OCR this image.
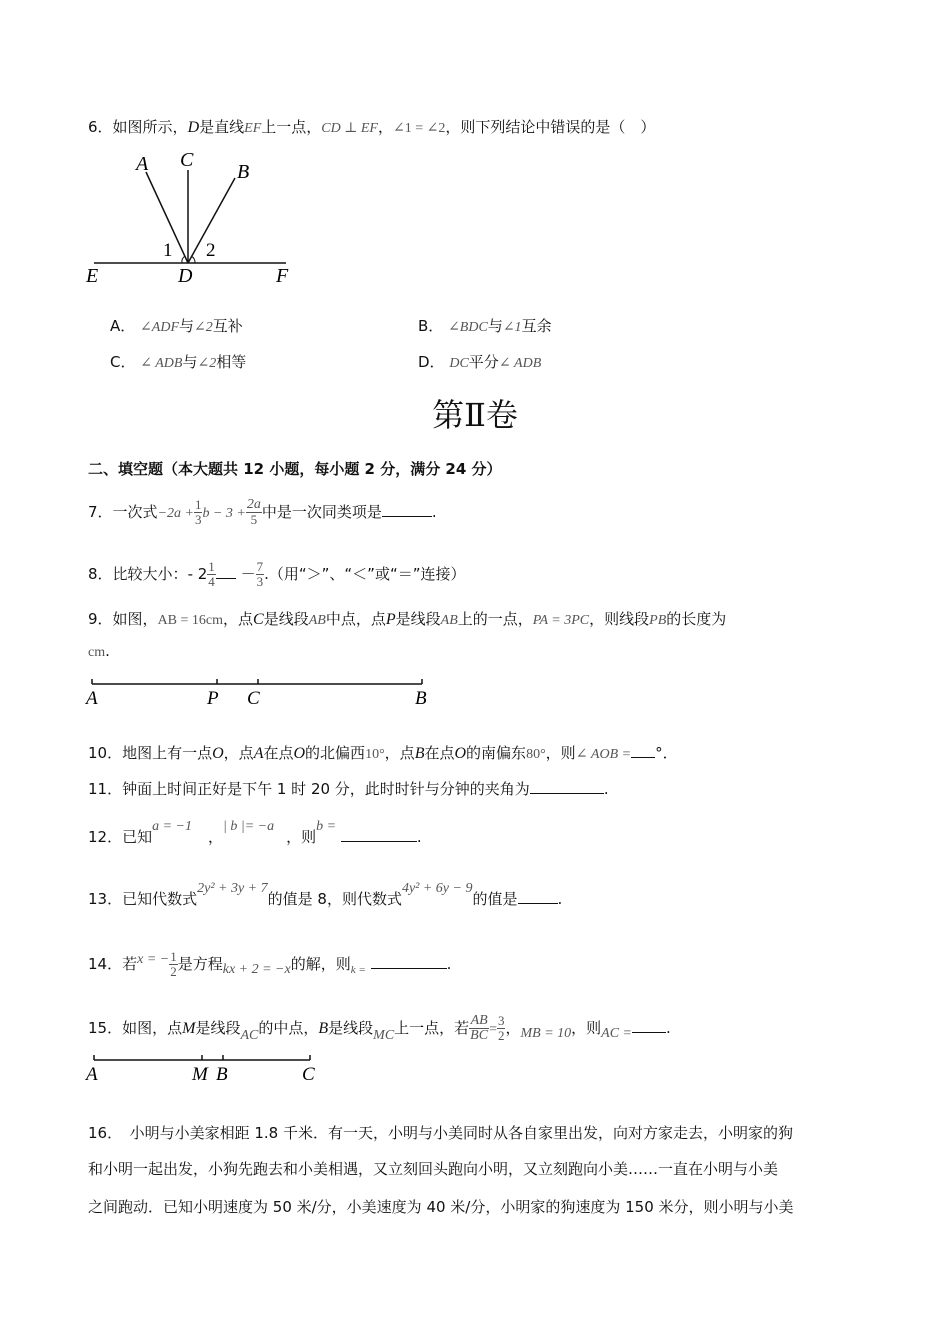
6．如图所示，D是直线EF上一点，CD ⊥ EF，∠1 = ∠2，则下列结论中错误的是（　）
A C
B
1 2
E	D	F
A． ∠ADF与∠2互补	B． ∠BDC与∠1互余
C． ∠ ADB与∠2相等	D． DC平分∠ ADB
第Ⅱ卷
二、填空题（本大题共 12 小题，每小题 2 分，满分 24 分）
7．一次式$-2a + \frac{1}{3}$ $b - 3 + \frac{2a}{5}$ 中是一次同类项是	.
8．比较大小：- $2 \frac{1}{4} - \frac{7}{3}$ .（用“＞”、“＜”或“＝”连接）
9．如图，AB = 16cm，点C是线段AB中点，点P是线段AB上的一点，PA = 3PC，则线段PB的长度为
cm.
A	P C	B
10．地图上有一点O，点A在点O的北偏西10°，点B在点O的南偏东80°，则∠ AOB = °．
11．钟面上时间正好是下午 1 时 20 分，此时时针与分钟的夹角为	.
12．已知a = −1，| b |= −a，则b = .
13．已知代数式2y² + 3y + 7的值是 8，则代数式4y² + 6y − 9的值是	.
14．若x = − $\frac{1}{2}$ 是方程kx + 2 = −x的解，则$_{k =}$	.
15．如图，点M是线段AC的中点，B是线段MC上一点，若 $\frac{AB}{BC} = \frac{3}{2}$ ，MB = 10，则AC = .
A	M B	C
16．　小明与小美家相距 1.8 千米．有一天，小明与小美同时从各自家里出发，向对方家走去，小明家的狗
和小明一起出发，小狗先跑去和小美相遇，又立刻回头跑向小明，又立刻跑向小美……一直在小明与小美
之间跑动．已知小明速度为 50 米/分，小美速度为 40 米/分，小明家的狗速度为 150 米分，则小明与小美
